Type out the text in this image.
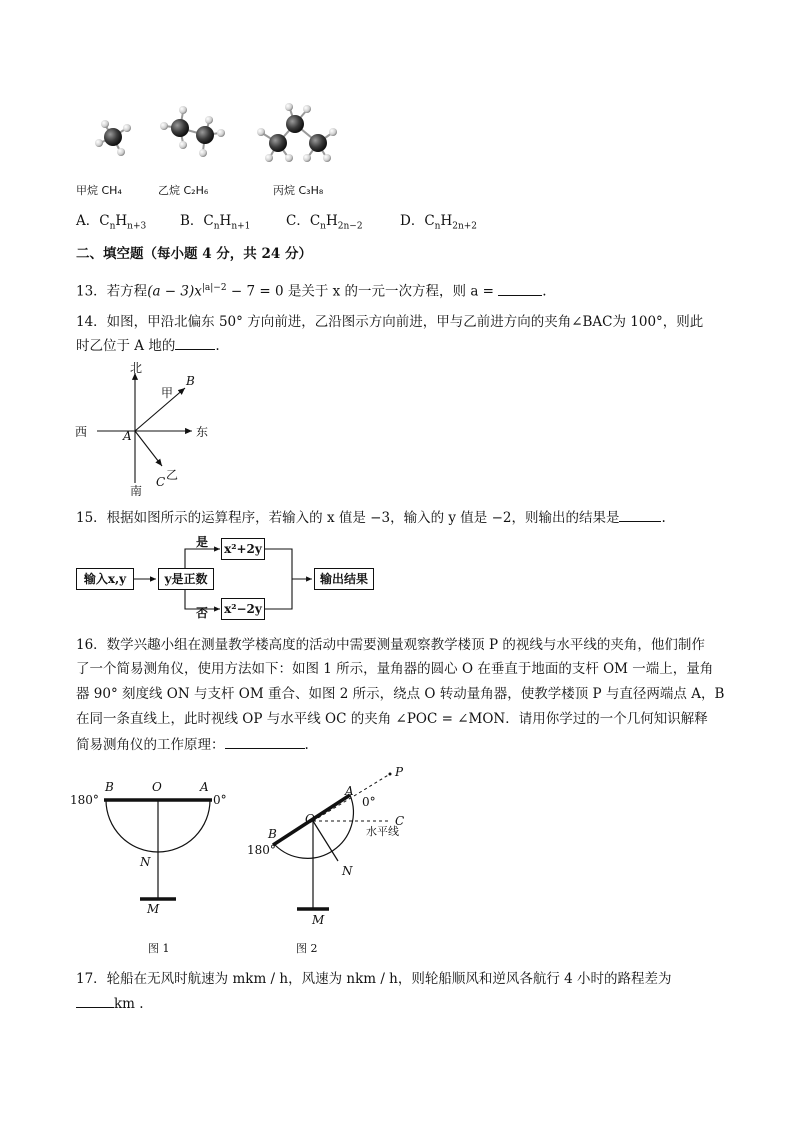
甲烷 CH₄	乙烷 C₂H₆	丙烷 C₃H₈
A．$C_nH_{n+3}$	B．$C_nH_{n+1}$	C．$C_nH_{2n-2}$	D．$C_nH_{2n+2}$
二、填空题（每小题 4 分，共 24 分）
13．若方程$(a - 3)x^{|a|-2} - 7 = 0$ 是关于 x 的一元一次方程，则 a =	.
14．如图，甲沿北偏东 50° 方向前进，乙沿图示方向前进，甲与乙前进方向的夹角∠BAC为 100°，则此
时乙位于 A 地的	.
北
南
西	东
甲
B
A
乙
C
15．根据如图所示的运算程序，若输入的 x 值是 −3，输入的 y 值是 −2，则输出的结果是	.
输入x,y	y是正数
x²+2y
x²−2y
输出结果
是
否
16．数学兴趣小组在测量教学楼高度的活动中需要测量观察教学楼顶 P 的视线与水平线的夹角，他们制作
了一个简易测角仪，使用方法如下：如图 1 所示，量角器的圆心 O 在垂直于地面的支杆 OM 一端上，量角
器 90° 刻度线 ON 与支杆 OM 重合、如图 2 所示，绕点 O 转动量角器，使教学楼顶 P 与直径两端点 A，B
在同一条直线上，此时视线 OP 与水平线 OC 的夹角 ∠POC = ∠MON．请用你学过的一个几何知识解释
简易测角仪的工作原理：	.
B	O	A
180°	0°
N
M
图 1
P
A
0°
O	C
水平线
B
180°
N
M
图 2
17．轮船在无风时航速为 mkm / h，风速为 nkm / h，则轮船顺风和逆风各航行 4 小时的路程差为
km .
